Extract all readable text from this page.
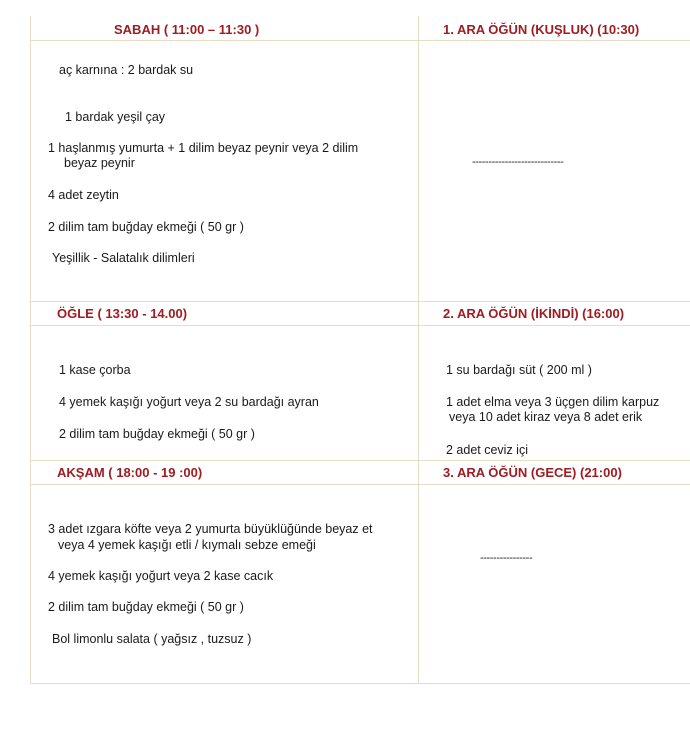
SABAH ( 11:00 – 11:30 )
aç karnına : 2 bardak su
1 bardak yeşil çay
1 haşlanmış yumurta + 1 dilim beyaz peynir veya 2 dilim
beyaz peynir
4 adet zeytin
2 dilim tam buğday ekmeği ( 50 gr )
Yeşillik - Salatalık dilimleri
1. ARA ÖĞÜN (KUŞLUK) (10:30)
----------------------------
ÖĞLE ( 13:30 - 14.00)
1 kase çorba
4 yemek kaşığı yoğurt veya 2 su bardağı ayran
2 dilim tam buğday ekmeği ( 50 gr )
2. ARA ÖĞÜN (İKİNDİ) (16:00)
1 su bardağı süt ( 200 ml )
1 adet elma veya 3 üçgen dilim karpuz
veya 10 adet kiraz veya 8 adet erik
2 adet ceviz içi
AKŞAM ( 18:00 - 19 :00)
3 adet ızgara köfte veya 2 yumurta büyüklüğünde beyaz et
veya 4 yemek kaşığı etli / kıymalı sebze emeği
4 yemek kaşığı yoğurt veya 2 kase cacık
2 dilim tam buğday ekmeği ( 50 gr )
Bol limonlu salata ( yağsız , tuzsuz )
3. ARA ÖĞÜN (GECE) (21:00)
----------------
